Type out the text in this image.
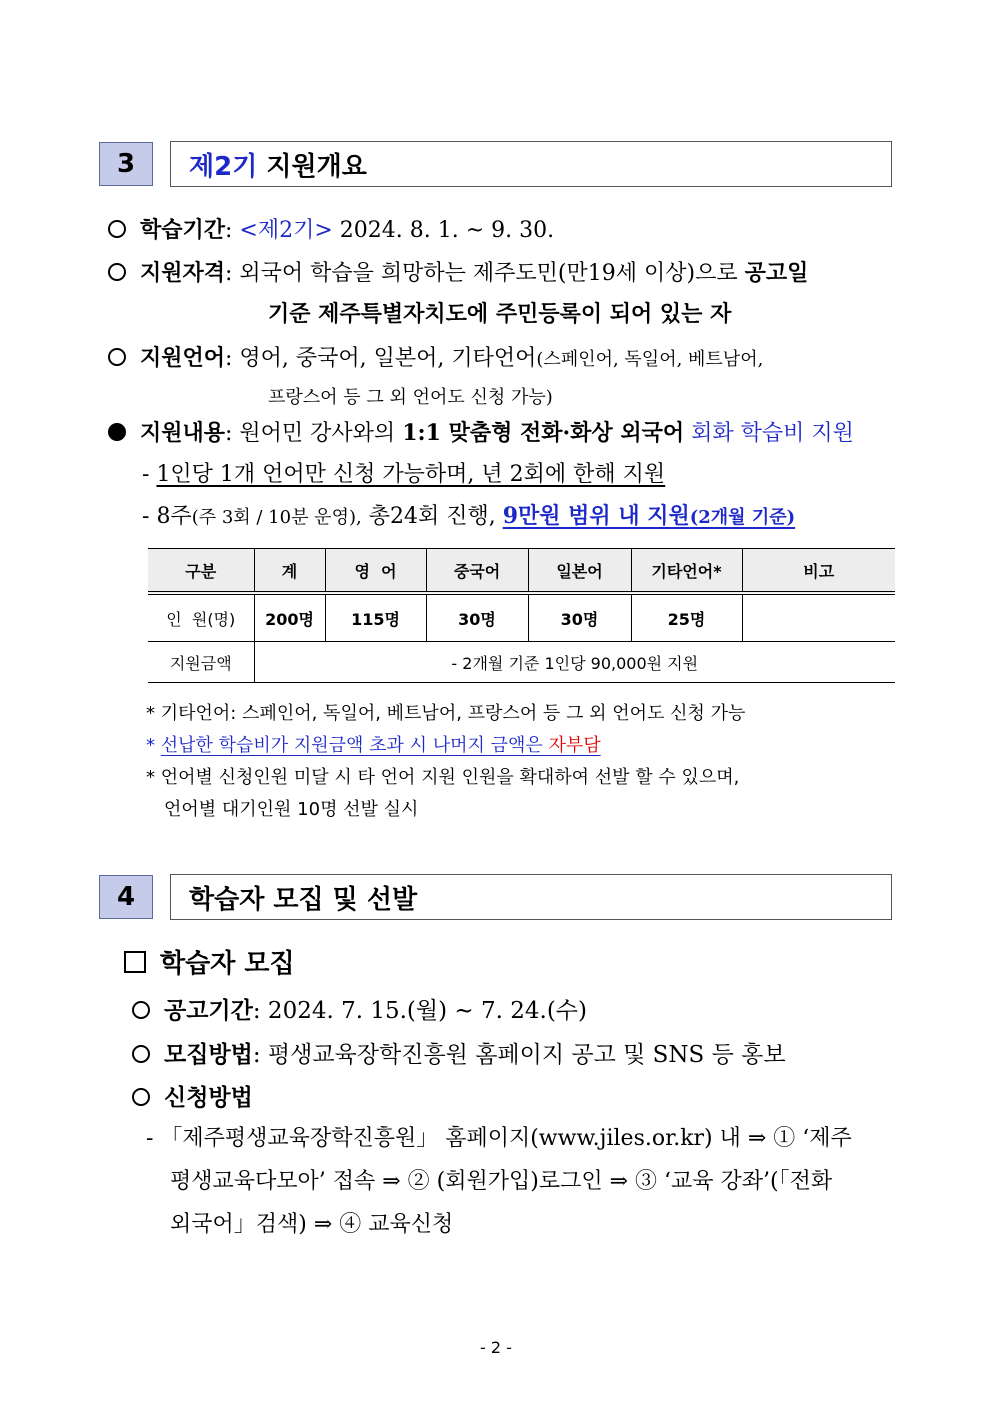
3	제2기 지원개요
학습기간: <제2기> 2024. 8. 1. ~ 9. 30.
지원자격: 외국어 학습을 희망하는 제주도민(만19세 이상)으로 공고일
기준 제주특별자치도에 주민등록이 되어 있는 자
지원언어: 영어, 중국어, 일본어, 기타언어(스페인어, 독일어, 베트남어,
프랑스어 등 그 외 언어도 신청 가능)
지원내용: 원어민 강사와의 1:1 맞춤형 전화·화상 외국어 회화 학습비 지원
- 1인당 1개 언어만 신청 가능하며, 년 2회에 한해 지원
- 8주(주 3회 / 10분 운영), 총24회 진행, 9만원 범위 내 지원(2개월 기준)
구분	계	영  어	중국어	일본어	기타언어*	비고
인  원(명)	200명	115명	30명	30명	25명	
지원금액	- 2개월 기준 1인당 90,000원 지원					
* 기타언어: 스페인어, 독일어, 베트남어, 프랑스어 등 그 외 언어도 신청 가능
* 선납한 학습비가 지원금액 초과 시 나머지 금액은 자부담
* 언어별 신청인원 미달 시 타 언어 지원 인원을 확대하여 선발 할 수 있으며,
언어별 대기인원 10명 선발 실시
4	학습자 모집 및 선발
학습자 모집
공고기간: 2024. 7. 15.(월) ~ 7. 24.(수)
모집방법: 평생교육장학진흥원 홈페이지 공고 및 SNS 등 홍보
신청방법
- 「제주평생교육장학진흥원」 홈페이지(www.jiles.or.kr) 내 ⇒ ① ‘제주
평생교육다모아’ 접속 ⇒ ② (회원가입)로그인 ⇒ ③ ‘교육 강좌’(「전화
외국어」검색) ⇒ ④ 교육신청
- 2 -
